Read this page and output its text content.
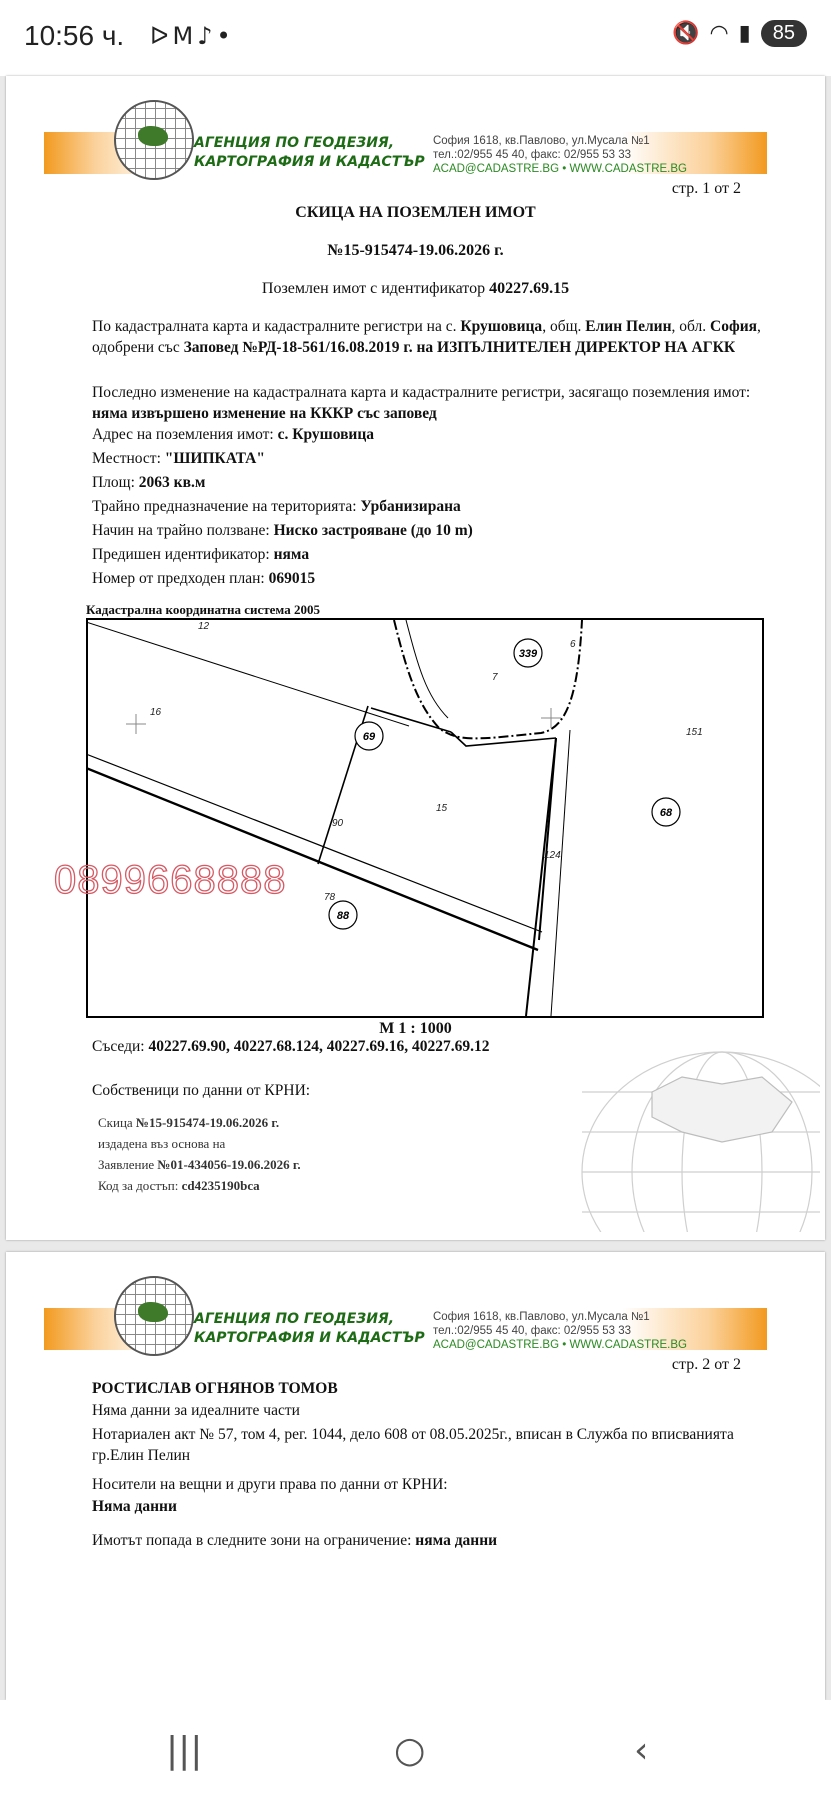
10:56 ч. ᐅM♪•	🔇 ◠ ▮	85
АГЕНЦИЯ ПО ГЕОДЕЗИЯ,
КАРТОГРАФИЯ И КАДАСТЪР
София 1618, кв.Павлово, ул.Мусала №1
тел.:02/955 45 40, факс: 02/955 53 33
ACAD@CADASTRE.BG • WWW.CADASTRE.BG
стр. 1 от 2
СКИЦА НА ПОЗЕМЛЕН ИМОТ
№15-915474-19.06.2026 г.
Поземлен имот с идентификатор 40227.69.15
По кадастралната карта и кадастралните регистри на с. Крушовица, общ. Елин Пелин, обл. София, одобрени със Заповед №РД-18-561/16.08.2019 г. на ИЗПЪЛНИТЕЛЕН ДИРЕКТОР НА АГКК
Последно изменение на кадастралната карта и кадастралните регистри, засягащо поземления имот: няма извършено изменение на КККР със заповед
Адрес на поземления имот: с. Крушовица
Местност: "ШИПКАТА"
Площ: 2063 кв.м
Трайно предназначение на територията: Урбанизирана
Начин на трайно ползване: Ниско застрояване (до 10 m)
Предишен идентификатор: няма
Номер от предходен план: 069015
Кадастрална координатна система 2005
12
6
7
16
151
15
90
124
78
339
69
68
88
0899668888
М 1 : 1000
Съседи: 40227.69.90, 40227.68.124, 40227.69.16, 40227.69.12
Собственици по данни от КРНИ:
Скица №15-915474-19.06.2026 г.
издадена въз основа на
Заявление №01-434056-19.06.2026 г.
Код за достъп: cd4235190bca
АГЕНЦИЯ ПО ГЕОДЕЗИЯ,
КАРТОГРАФИЯ И КАДАСТЪР
София 1618, кв.Павлово, ул.Мусала №1
тел.:02/955 45 40, факс: 02/955 53 33
ACAD@CADASTRE.BG • WWW.CADASTRE.BG
стр. 2 от 2
РОСТИСЛАВ ОГНЯНОВ ТОМОВ
Няма данни за идеалните части
Нотариален акт № 57, том 4, рег. 1044, дело 608 от 08.05.2025г., вписан в Служба по вписванията гр.Елин Пелин
Носители на вещни и други права по данни от КРНИ:
Няма данни
Имотът попада в следните зони на ограничение: няма данни
|||	○	‹
